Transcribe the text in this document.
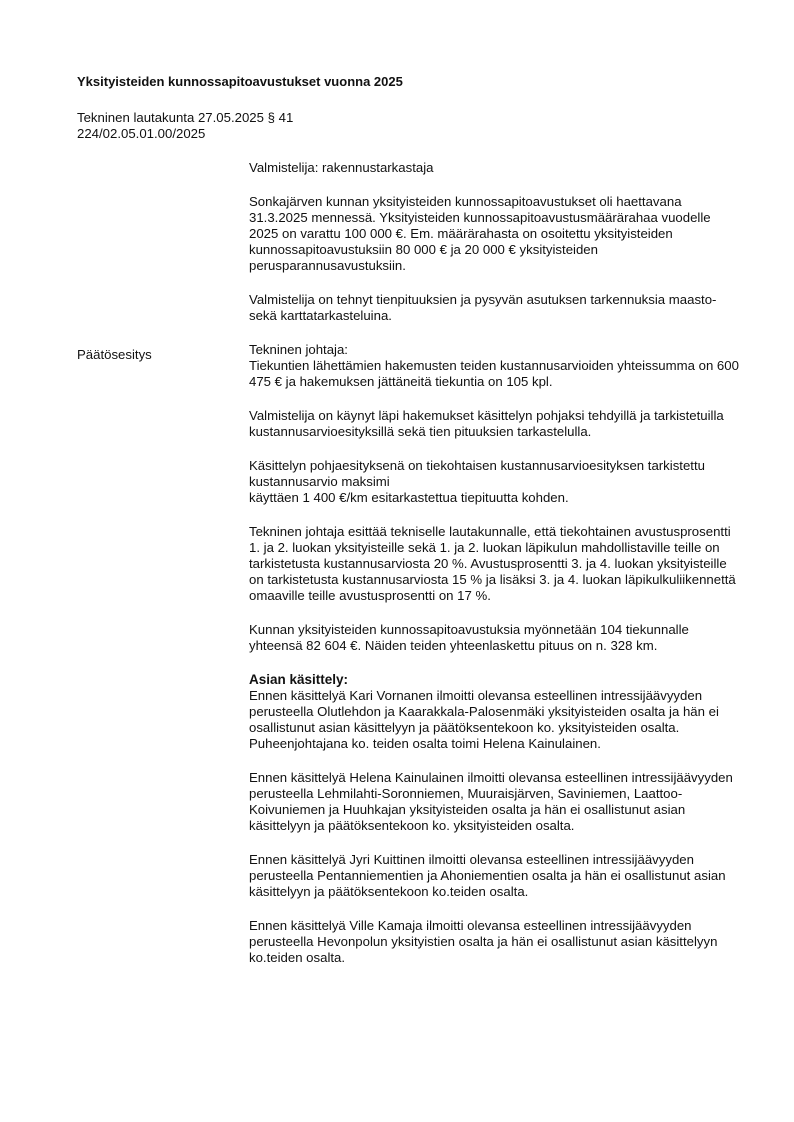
Yksityisteiden kunnossapitoavustukset vuonna 2025
Tekninen lautakunta 27.05.2025 § 41
224/02.05.01.00/2025
Päätösesitys

Valmistelija: rakennustarkastaja

Sonkajärven kunnan yksityisteiden kunnossapitoavustukset oli haettavana 31.3.2025 mennessä. Yksityisteiden kunnossapitoavustusmäärärahaa vuodelle 2025 on varattu 100 000 €. Em. määrärahasta on osoitettu yksityisteiden kunnossapitoavustuksiin 80 000 € ja 20 000 € yksityisteiden perusparannusavustuksiin.

Valmistelija on tehnyt tienpituuksien ja pysyvän asutuksen tarkennuksia maasto- sekä karttatarkasteluina.

Tekninen johtaja:
Tiekuntien lähettämien hakemusten teiden kustannusarvioiden yhteissumma on 600 475 € ja hakemuksen jättäneitä tiekuntia on 105 kpl.

Valmistelija on käynyt läpi hakemukset käsittelyn pohjaksi tehdyillä ja tarkistetuilla kustannusarvioesityksillä sekä tien pituuksien tarkastelulla.

Käsittelyn pohjaesityksenä on tiekohtaisen kustannusarvioesityksen tarkistettu kustannusarvio maksimi
käyttäen 1 400 €/km esitarkastettua tiepituutta kohden.

Tekninen johtaja esittää tekniselle lautakunnalle, että tiekohtainen avustusprosentti 1. ja 2. luokan yksityisteille sekä 1. ja 2. luokan läpikulun mahdollistaville teille on tarkistetusta kustannusarviosta 20 %. Avustusprosentti 3. ja 4. luokan yksityisteille on tarkistetusta kustannusarviosta 15 % ja lisäksi 3. ja 4. luokan läpikulkuliikennettä omaaville teille avustusprosentti on 17 %.

Kunnan yksityisteiden kunnossapitoavustuksia myönnetään 104 tiekunnalle yhteensä 82 604 €. Näiden teiden yhteenlaskettu pituus on n. 328 km.

Asian käsittely:
Ennen käsittelyä Kari Vornanen ilmoitti olevansa esteellinen intressijäävyyden perusteella Olutlehdon ja Kaarakkala-Palosenmäki yksityisteiden osalta ja hän ei osallistunut asian käsittelyyn ja päätöksentekoon ko. yksityisteiden osalta. Puheenjohtajana ko. teiden osalta toimi Helena Kainulainen.

Ennen käsittelyä Helena Kainulainen ilmoitti olevansa esteellinen intressijäävyyden perusteella Lehmilahti-Soronniemen, Muuraisjärven, Saviniemen, Laattoo-Koivuniemen ja Huuhkajan yksityisteiden osalta ja hän ei osallistunut asian käsittelyyn ja päätöksentekoon ko. yksityisteiden osalta.

Ennen käsittelyä Jyri Kuittinen ilmoitti olevansa esteellinen intressijäävyyden perusteella Pentanniementien ja Ahoniementien osalta ja hän ei osallistunut asian käsittelyyn ja päätöksentekoon ko.teiden osalta.

Ennen käsittelyä Ville Kamaja ilmoitti olevansa esteellinen intressijäävyyden perusteella Hevonpolun yksityistien osalta ja hän ei osallistunut asian käsittelyyn ko.teiden osalta.
